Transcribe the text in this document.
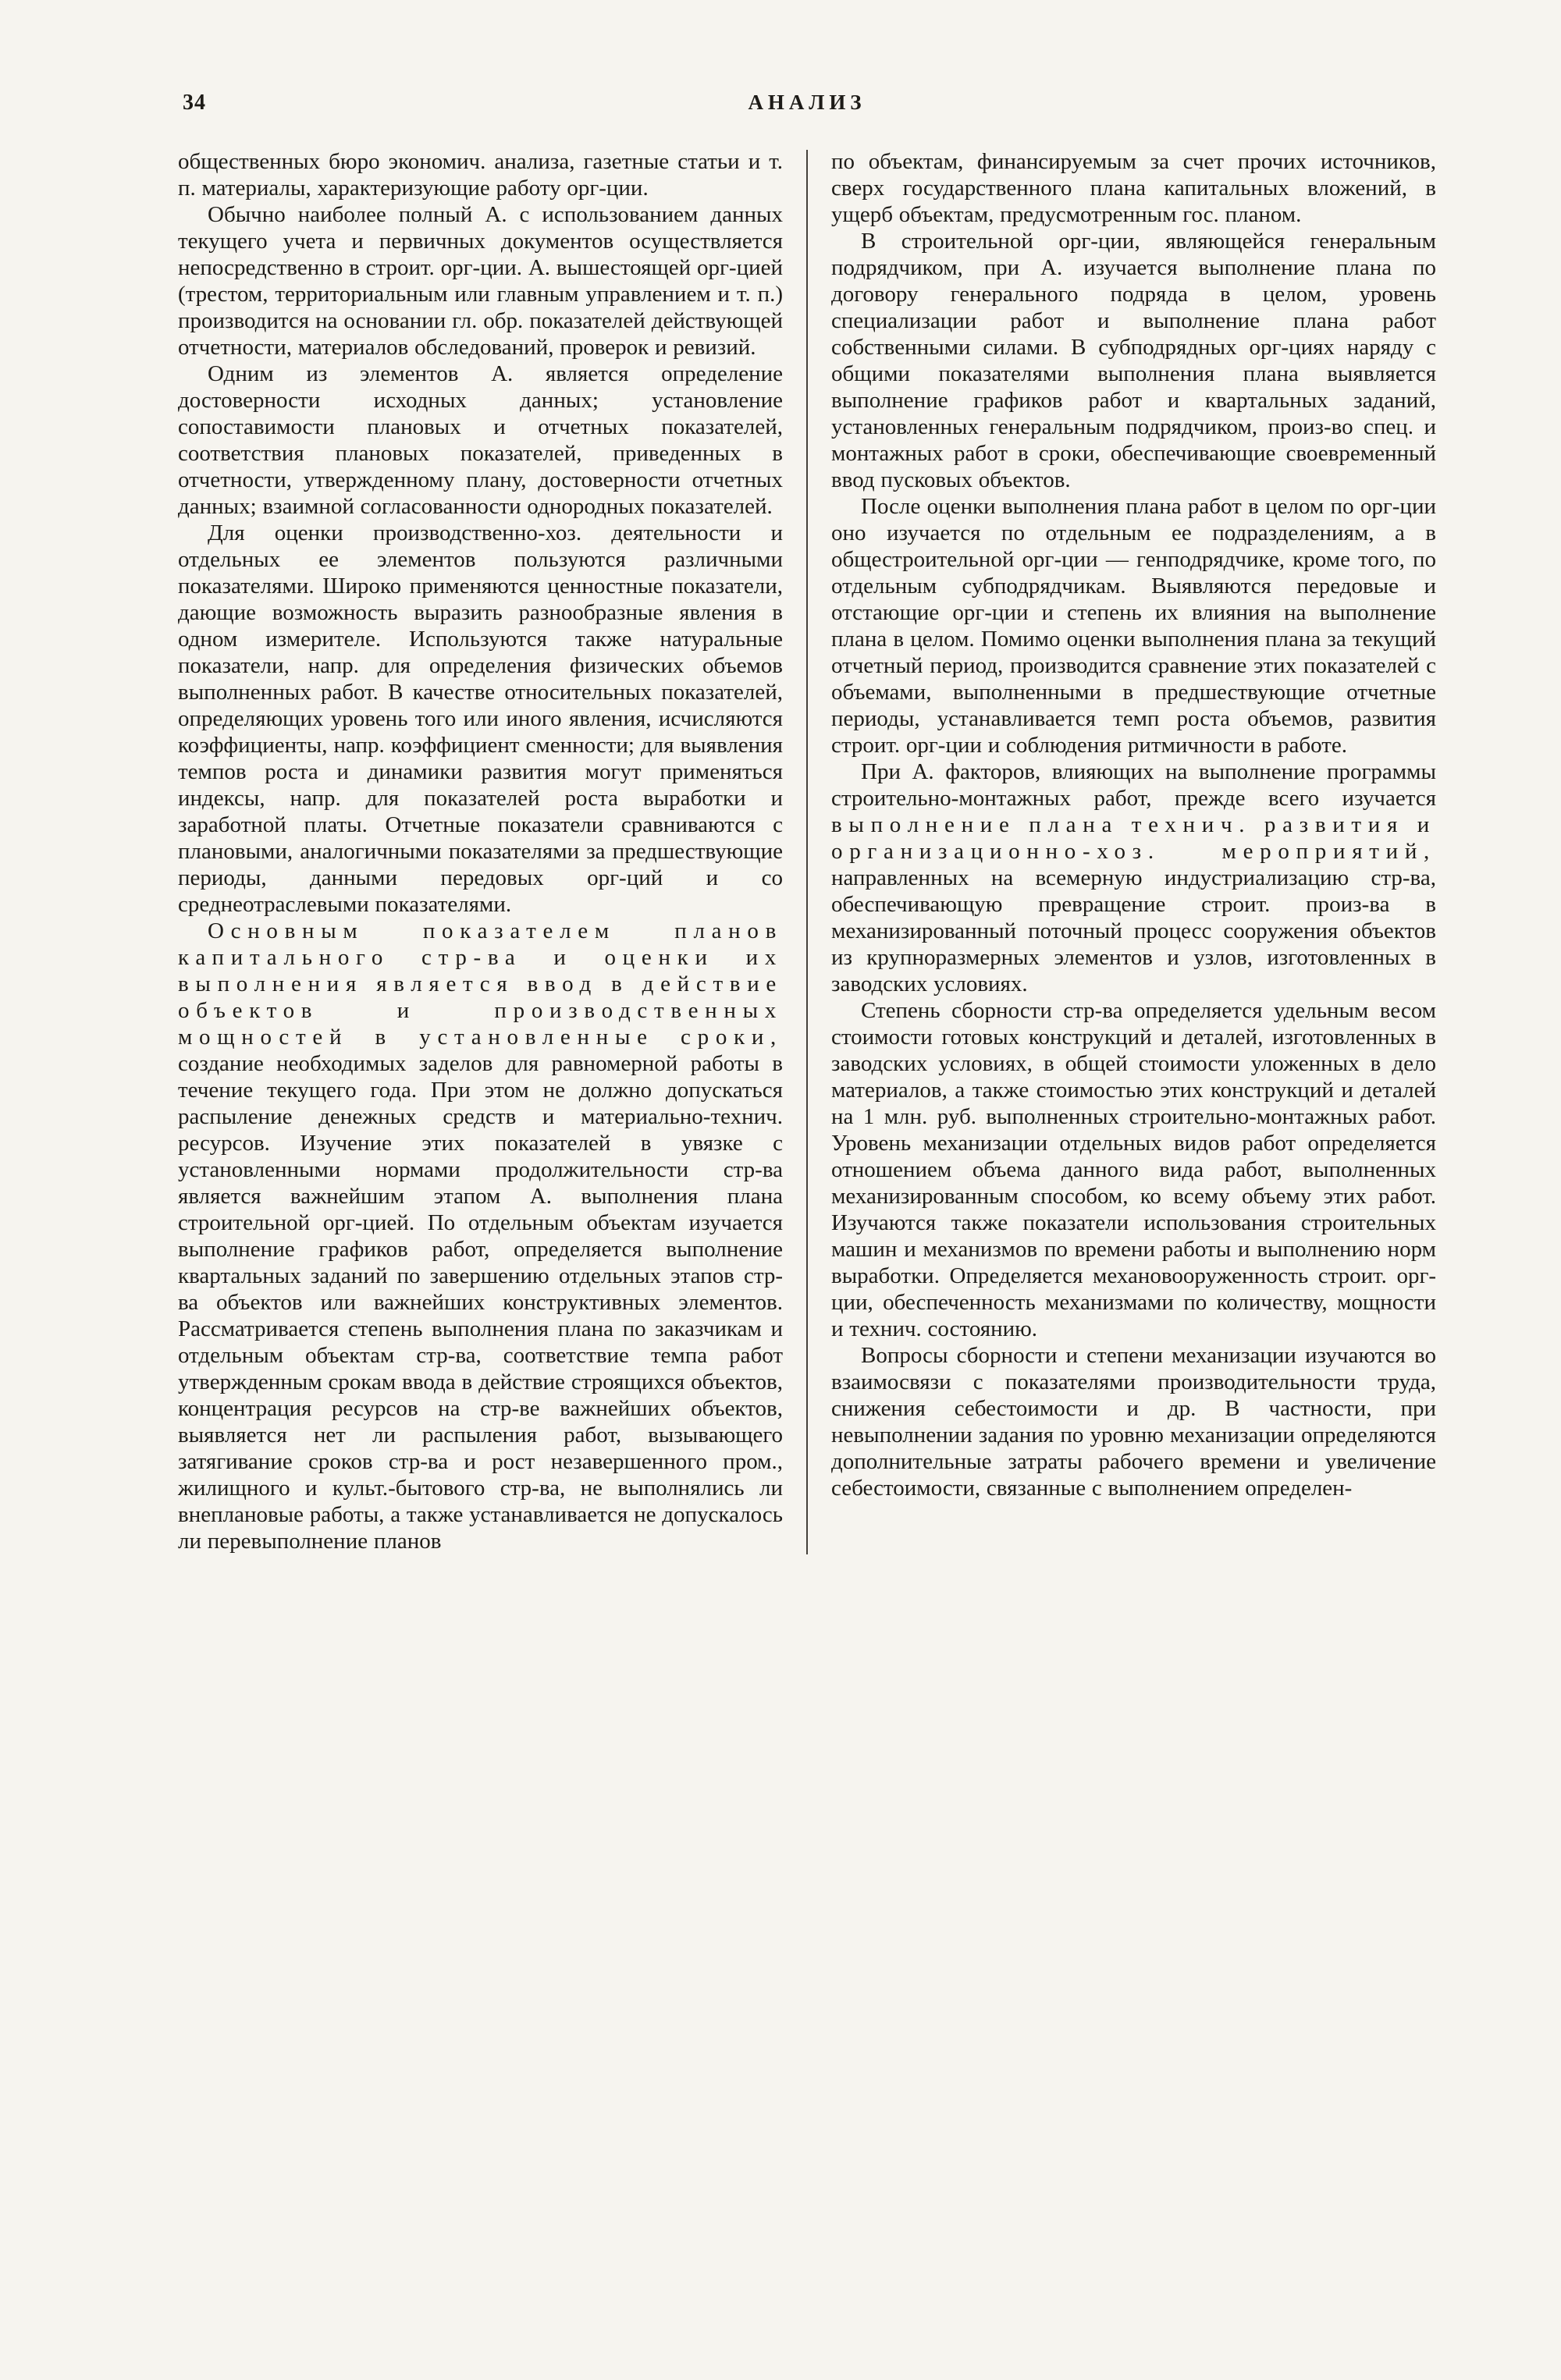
34	АНАЛИЗ

общественных бюро экономич. анализа, газетные статьи и т. п. материалы, характеризующие работу орг-ции.

Обычно наиболее полный А. с использованием данных текущего учета и первичных документов осуществляется непосредственно в строит. орг-ции. А. вышестоящей орг-цией (трестом, территориальным или главным управлением и т. п.) производится на основании гл. обр. показателей действующей отчетности, материалов обследований, проверок и ревизий.

Одним из элементов А. является определение достоверности исходных данных; установление сопоставимости плановых и отчетных показателей, соответствия плановых показателей, приведенных в отчетности, утвержденному плану, достоверности отчетных данных; взаимной согласованности однородных показателей.

Для оценки производственно-хоз. деятельности и отдельных ее элементов пользуются различными показателями. Широко применяются ценностные показатели, дающие возможность выразить разнообразные явления в одном измерителе. Используются также натуральные показатели, напр. для определения физических объемов выполненных работ. В качестве относительных показателей, определяющих уровень того или иного явления, исчисляются коэффициенты, напр. коэффициент сменности; для выявления темпов роста и динамики развития могут применяться индексы, напр. для показателей роста выработки и заработной платы. Отчетные показатели сравниваются с плановыми, аналогичными показателями за предшествующие периоды, данными передовых орг-ций и со среднеотраслевыми показателями.

Основным показателем планов капитального стр-ва и оценки их выполнения является ввод в действие объектов и производственных мощностей в установленные сроки, создание необходимых заделов для равномерной работы в течение текущего года. При этом не должно допускаться распыление денежных средств и материально-технич. ресурсов. Изучение этих показателей в увязке с установленными нормами продолжительности стр-ва является важнейшим этапом А. выполнения плана строительной орг-цией. По отдельным объектам изучается выполнение графиков работ, определяется выполнение квартальных заданий по завершению отдельных этапов стр-ва объектов или важнейших конструктивных элементов. Рассматривается степень выполнения плана по заказчикам и отдельным объектам стр-ва, соответствие темпа работ утвержденным срокам ввода в действие строящихся объектов, концентрация ресурсов на стр-ве важнейших объектов, выявляется нет ли распыления работ, вызывающего затягивание сроков стр-ва и рост незавершенного пром., жилищного и культ.-бытового стр-ва, не выполнялись ли внеплановые работы, а также устанавливается не допускалось ли перевыполнение планов

по объектам, финансируемым за счет прочих источников, сверх государственного плана капитальных вложений, в ущерб объектам, предусмотренным гос. планом.

В строительной орг-ции, являющейся генеральным подрядчиком, при А. изучается выполнение плана по договору генерального подряда в целом, уровень специализации работ и выполнение плана работ собственными силами. В субподрядных орг-циях наряду с общими показателями выполнения плана выявляется выполнение графиков работ и квартальных заданий, установленных генеральным подрядчиком, произ-во спец. и монтажных работ в сроки, обеспечивающие своевременный ввод пусковых объектов.

После оценки выполнения плана работ в целом по орг-ции оно изучается по отдельным ее подразделениям, а в общестроительной орг-ции — генподрядчике, кроме того, по отдельным субподрядчикам. Выявляются передовые и отстающие орг-ции и степень их влияния на выполнение плана в целом. Помимо оценки выполнения плана за текущий отчетный период, производится сравнение этих показателей с объемами, выполненными в предшествующие отчетные периоды, устанавливается темп роста объемов, развития строит. орг-ции и соблюдения ритмичности в работе.

При А. факторов, влияющих на выполнение программы строительно-монтажных работ, прежде всего изучается выполнение плана технич. развития и организационно-хоз. мероприятий, направленных на всемерную индустриализацию стр-ва, обеспечивающую превращение строит. произ-ва в механизированный поточный процесс сооружения объектов из крупноразмерных элементов и узлов, изготовленных в заводских условиях.

Степень сборности стр-ва определяется удельным весом стоимости готовых конструкций и деталей, изготовленных в заводских условиях, в общей стоимости уложенных в дело материалов, а также стоимостью этих конструкций и деталей на 1 млн. руб. выполненных строительно-монтажных работ. Уровень механизации отдельных видов работ определяется отношением объема данного вида работ, выполненных механизированным способом, ко всему объему этих работ. Изучаются также показатели использования строительных машин и механизмов по времени работы и выполнению норм выработки. Определяется механовооруженность строит. орг-ции, обеспеченность механизмами по количеству, мощности и технич. состоянию.

Вопросы сборности и степени механизации изучаются во взаимосвязи с показателями производительности труда, снижения себестоимости и др. В частности, при невыполнении задания по уровню механизации определяются дополнительные затраты рабочего времени и увеличение себестоимости, связанные с выполнением определен-
